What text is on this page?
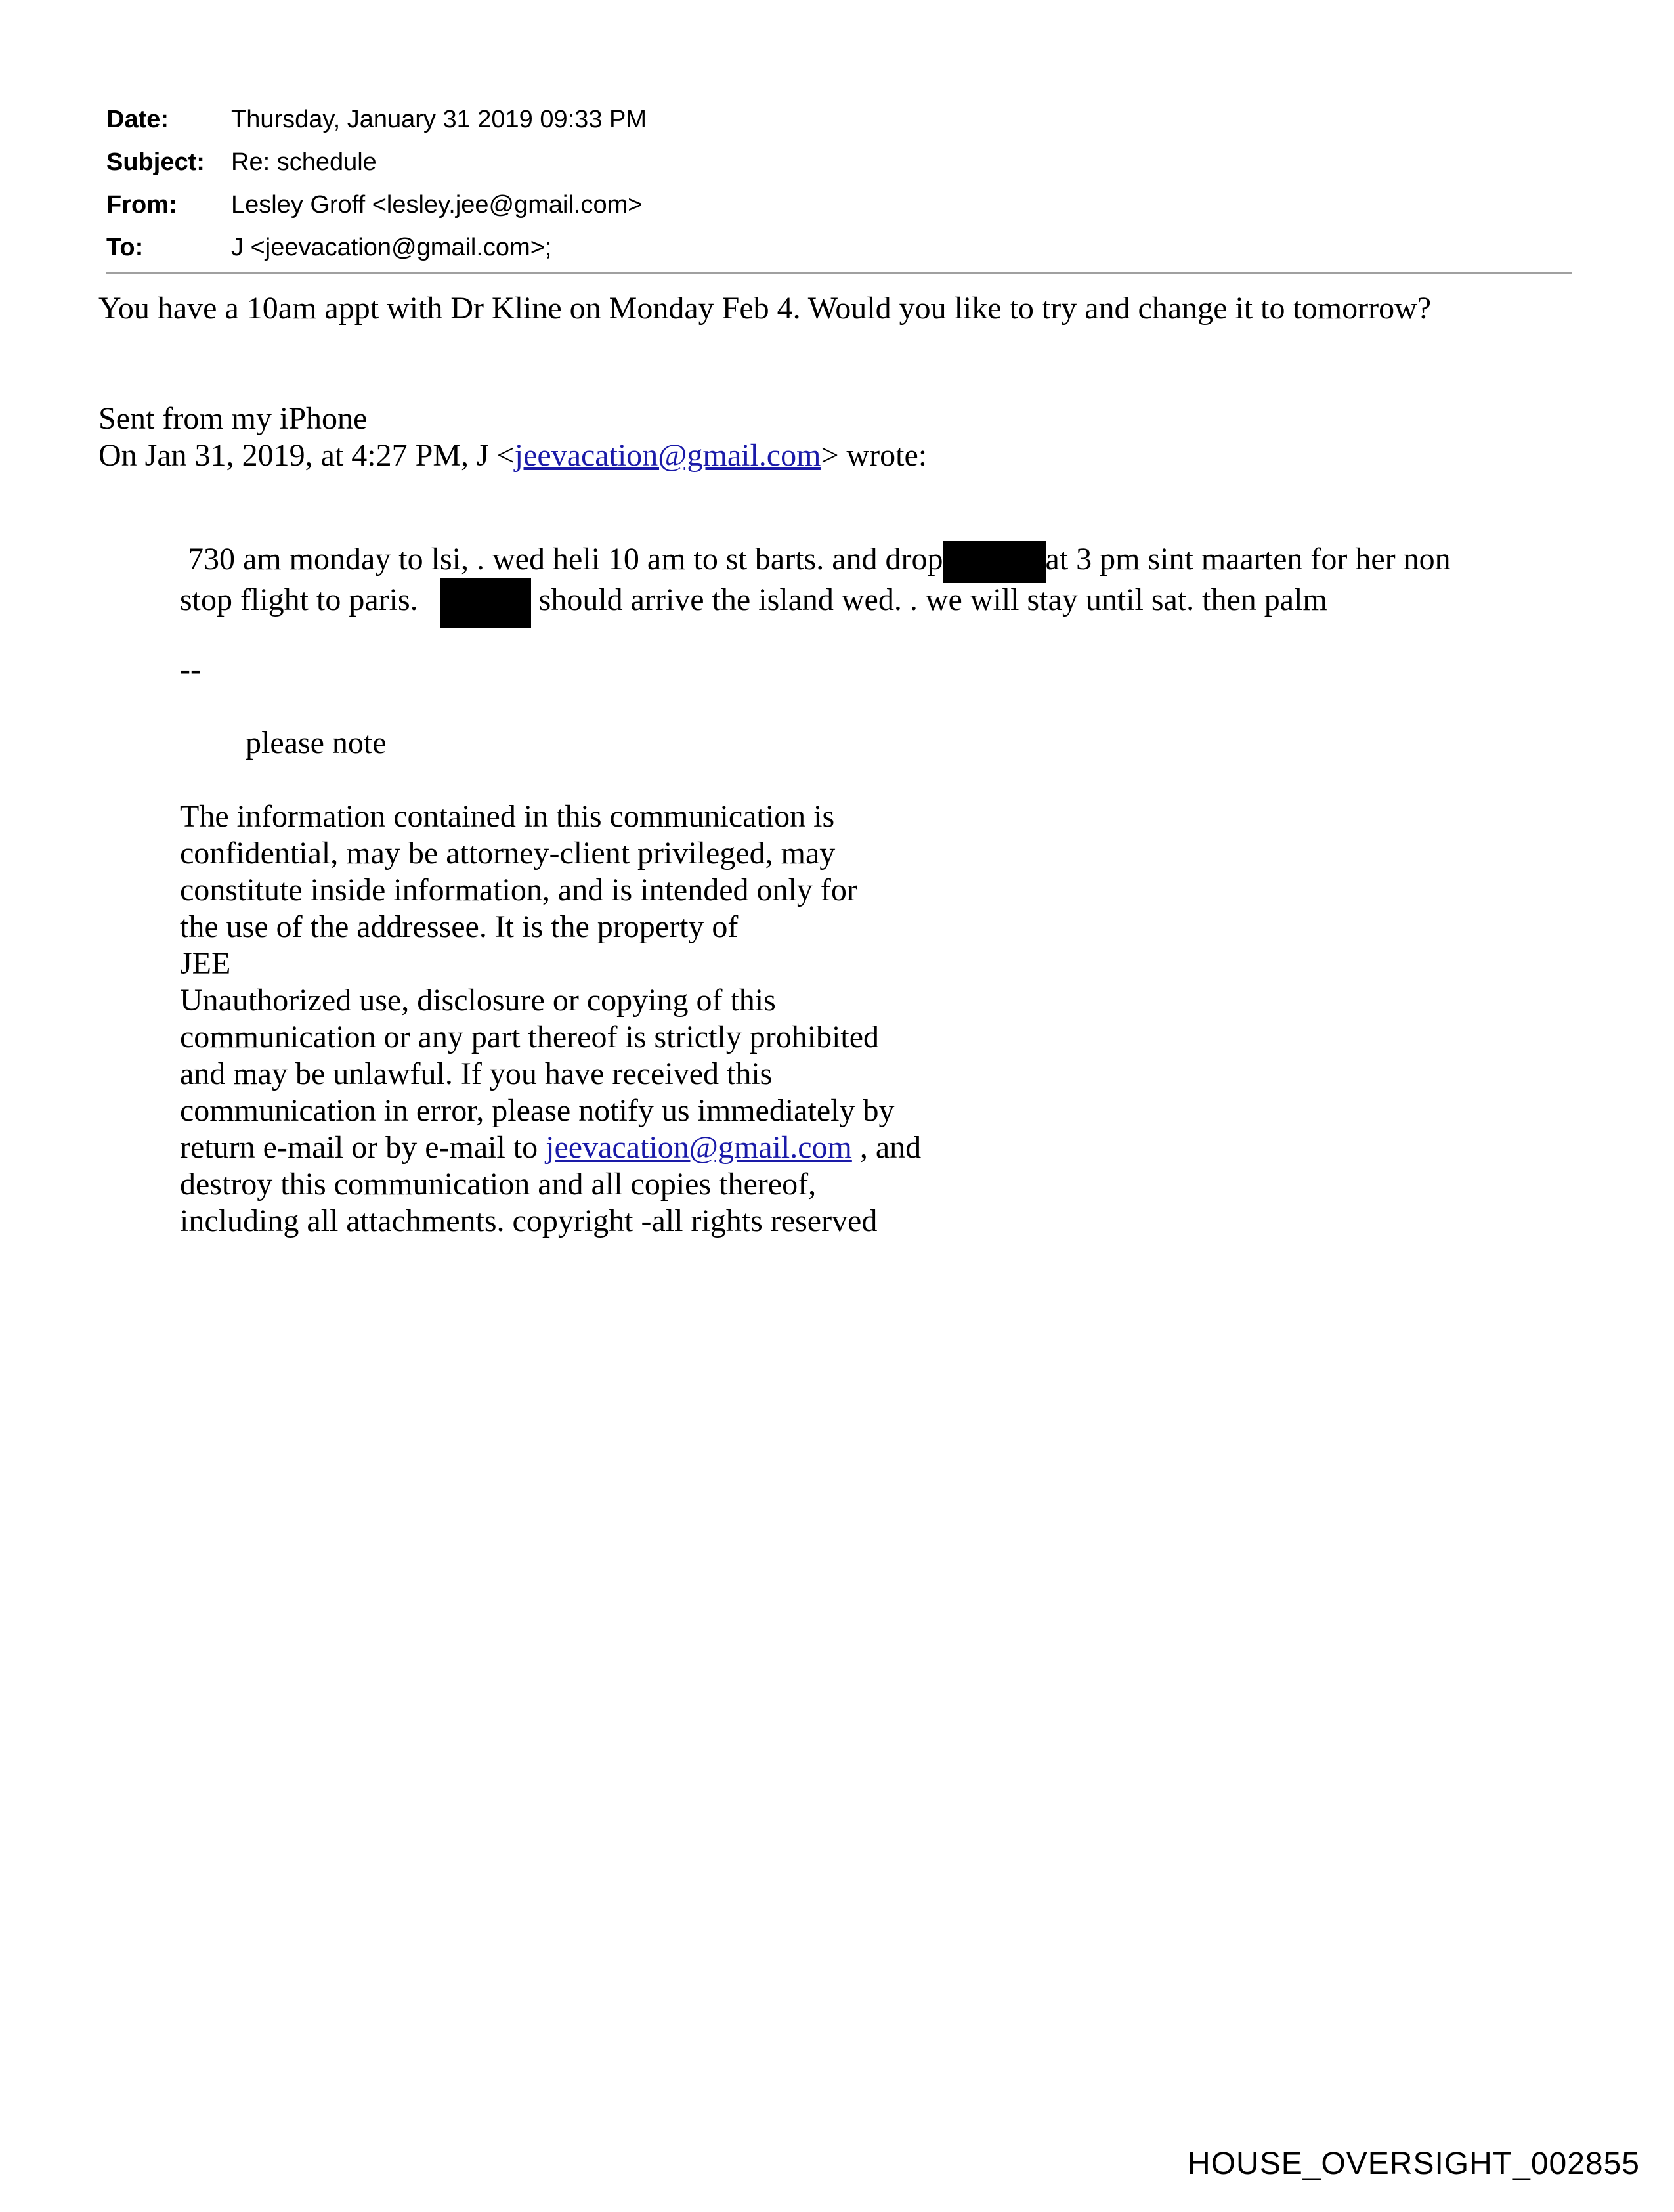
Date:	Thursday, January 31 2019 09:33 PM
Subject:	Re: schedule
From:	Lesley Groff <lesley.jee@gmail.com>
To:	J <jeevacation@gmail.com>;
You have a 10am appt with Dr Kline on Monday Feb 4. Would you like to try and change it to tomorrow?
Sent from my iPhone
On Jan 31, 2019, at 4:27 PM, J <jeevacation@gmail.com> wrote:
730 am monday to lsi, . wed heli 10 am to st barts. and drop	at 3 pm sint maarten for her non
stop flight to paris.	should arrive the island wed. . we will stay until sat. then palm
--
please note
The information contained in this communication is
confidential, may be attorney-client privileged, may
constitute inside information, and is intended only for
the use of the addressee. It is the property of
JEE
Unauthorized use, disclosure or copying of this
communication or any part thereof is strictly prohibited
and may be unlawful. If you have received this
communication in error, please notify us immediately by
return e-mail or by e-mail to jeevacation@gmail.com , and
destroy this communication and all copies thereof,
including all attachments. copyright -all rights reserved
HOUSE_OVERSIGHT_002855
